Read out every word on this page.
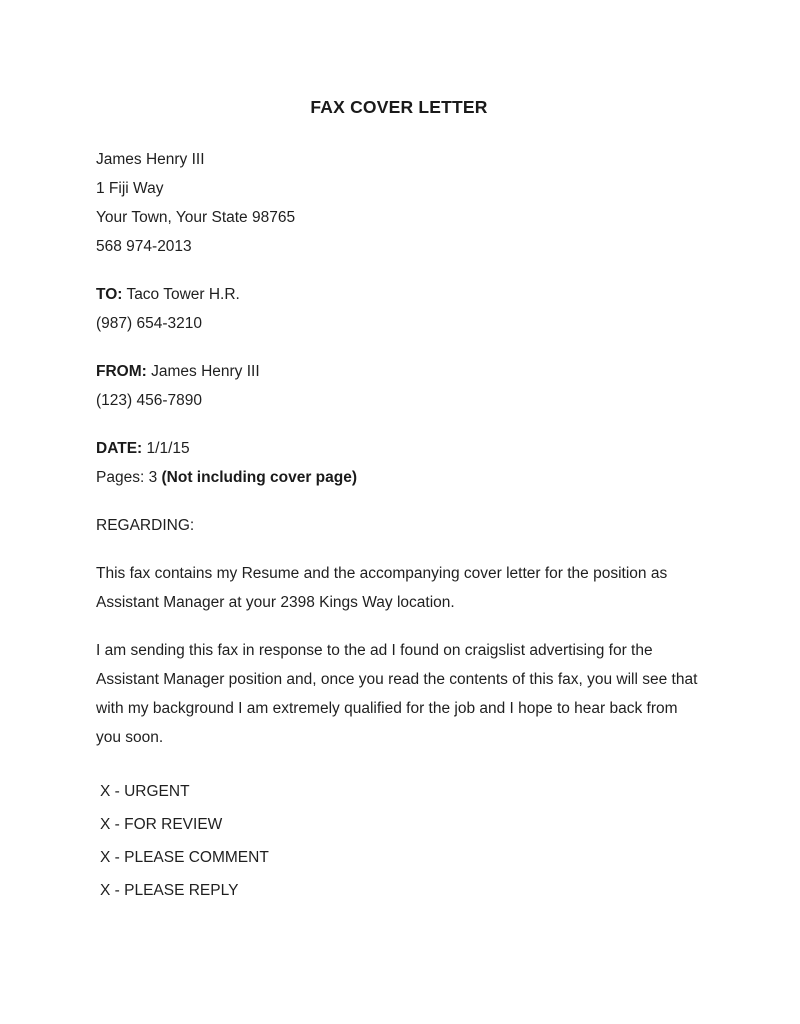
FAX COVER LETTER

James Henry III

1 Fiji Way

Your Town, Your State 98765

568 974-2013

TO: Taco Tower H.R.

(987) 654-3210

FROM: James Henry III

(123) 456-7890

DATE: 1/1/15

Pages: 3 (Not including cover page)

REGARDING:

This fax contains my Resume and the accompanying cover letter for the position as Assistant Manager at your 2398 Kings Way location.

I am sending this fax in response to the ad I found on craigslist advertising for the Assistant Manager position and, once you read the contents of this fax, you will see that with my background I am extremely qualified for the job and I hope to hear back from you soon.

X - URGENT

X - FOR REVIEW

X - PLEASE COMMENT

X - PLEASE REPLY
